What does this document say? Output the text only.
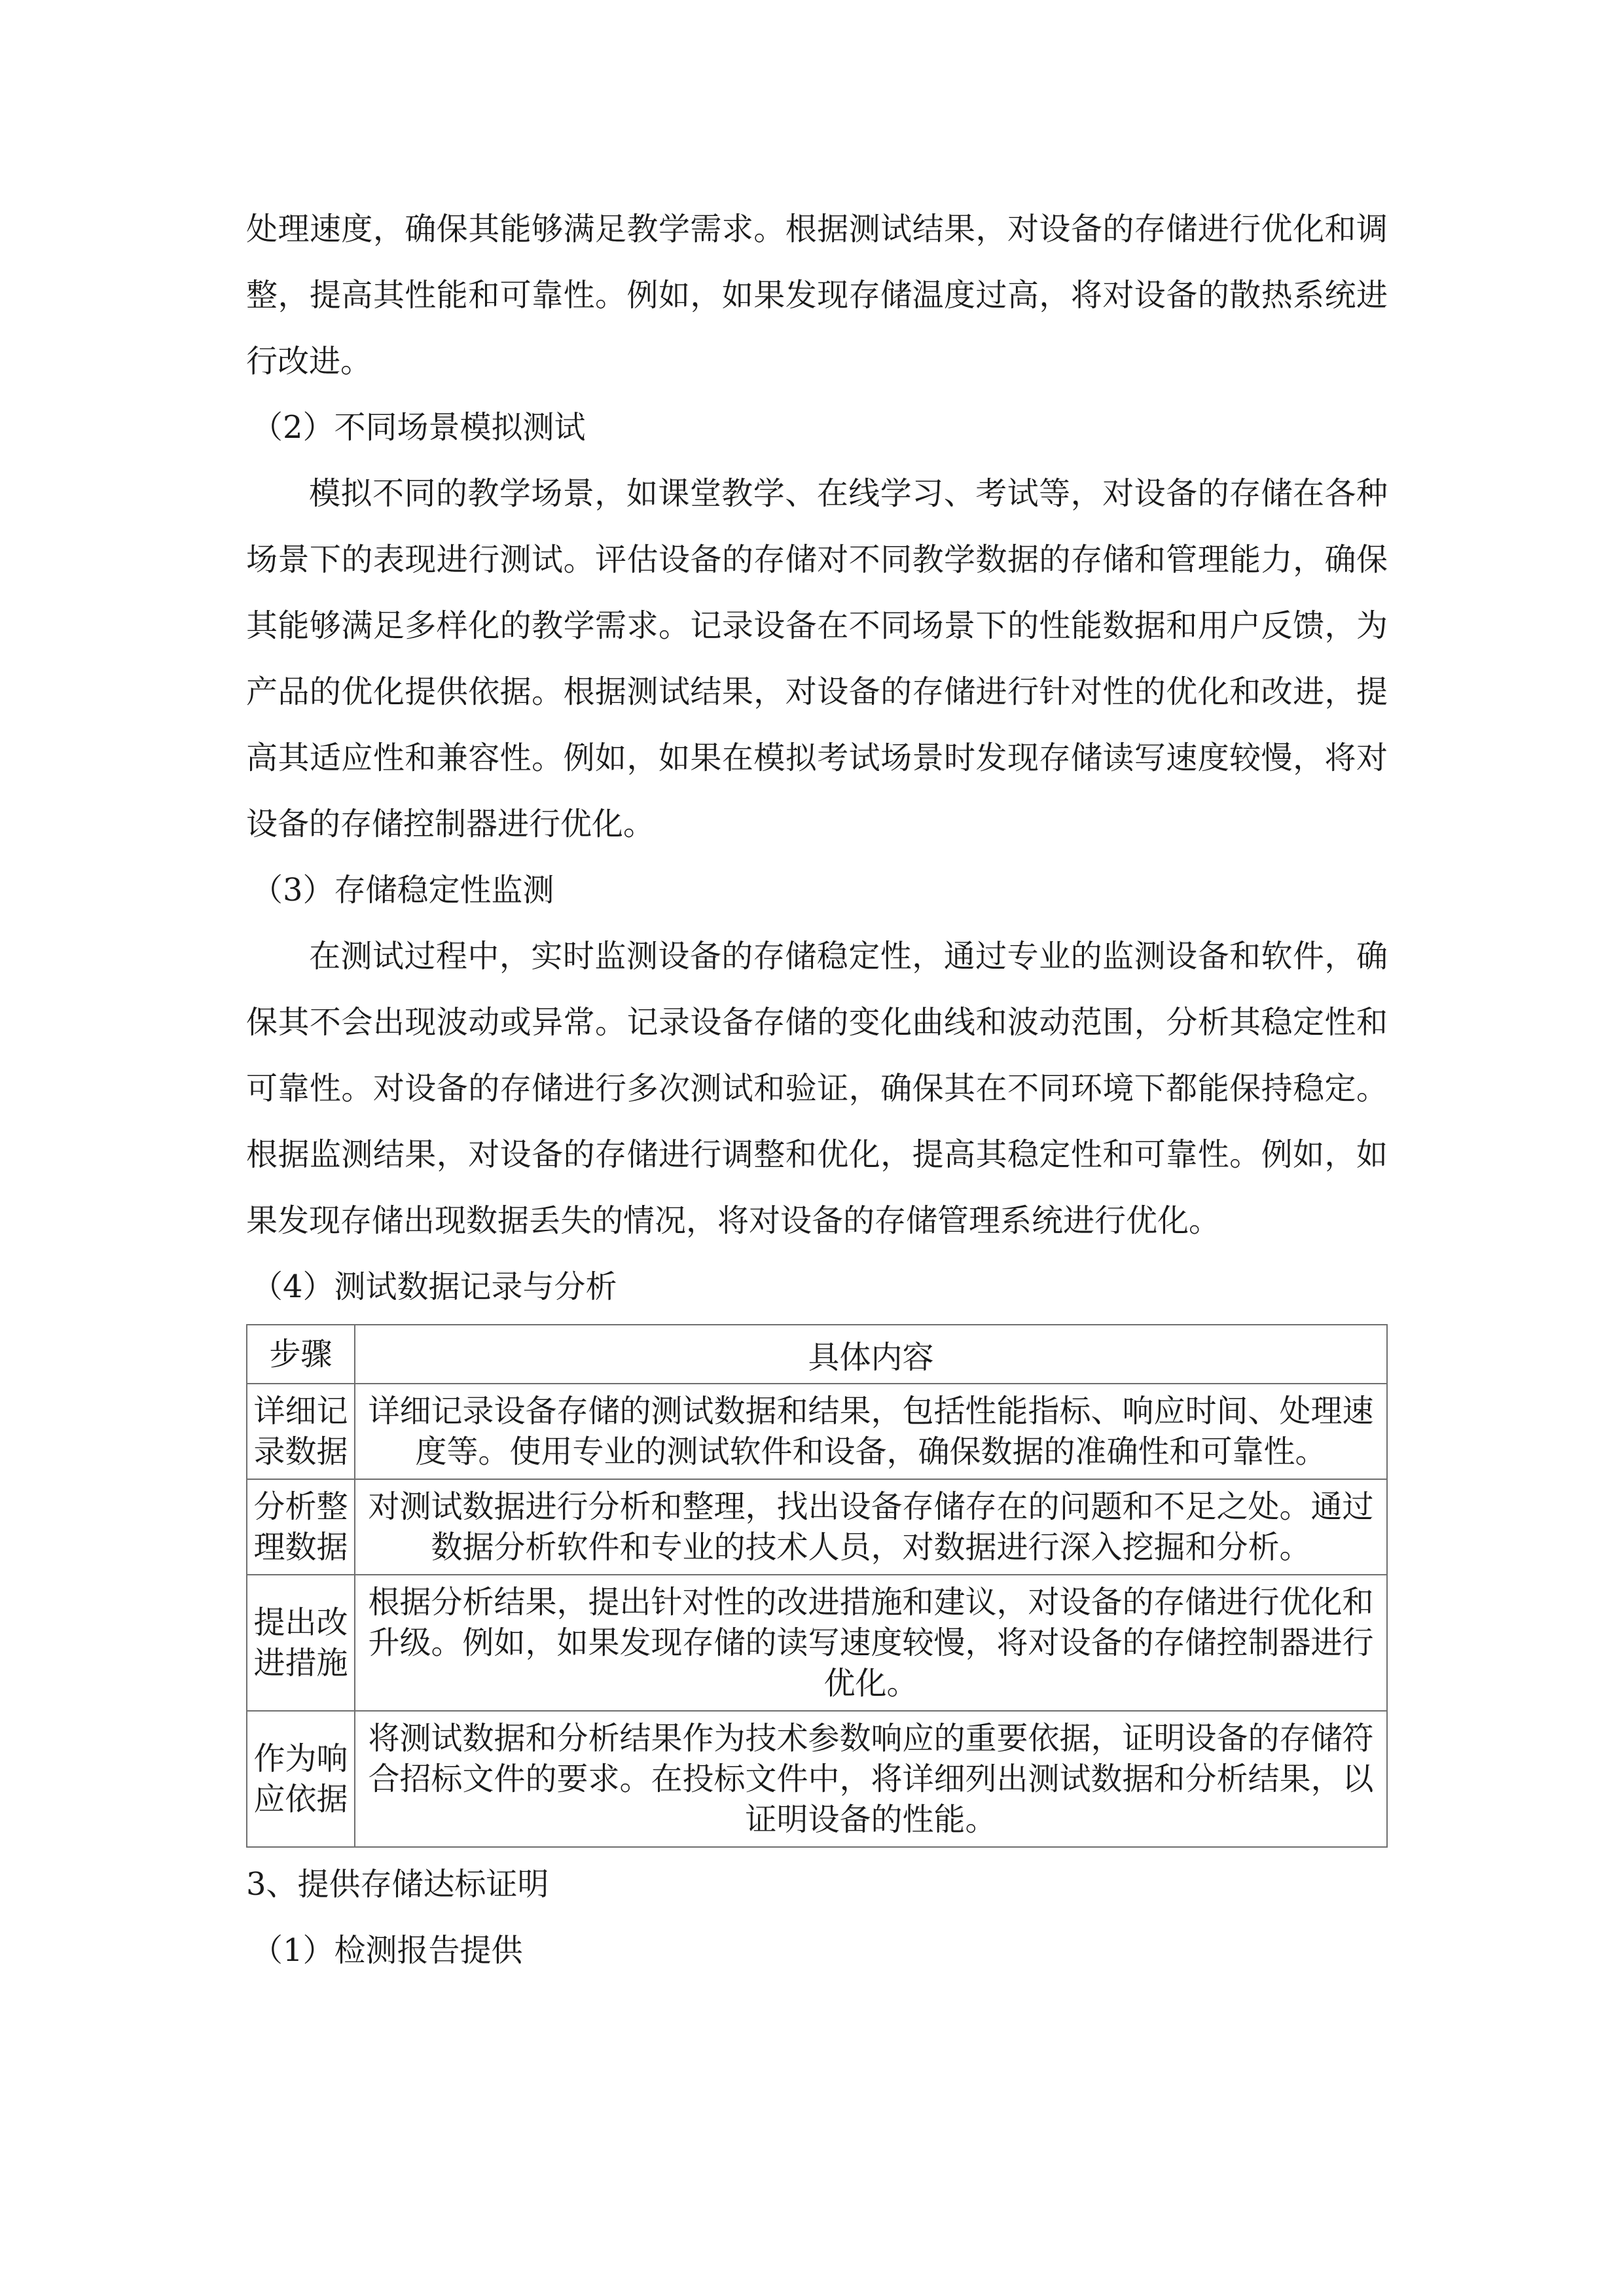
处理速度，确保其能够满足教学需求。根据测试结果，对设备的存储进行优化和调整，提高其性能和可靠性。例如，如果发现存储温度过高，将对设备的散热系统进行改进。

（2）不同场景模拟测试

模拟不同的教学场景，如课堂教学、在线学习、考试等，对设备的存储在各种场景下的表现进行测试。评估设备的存储对不同教学数据的存储和管理能力，确保其能够满足多样化的教学需求。记录设备在不同场景下的性能数据和用户反馈，为产品的优化提供依据。根据测试结果，对设备的存储进行针对性的优化和改进，提高其适应性和兼容性。例如，如果在模拟考试场景时发现存储读写速度较慢，将对设备的存储控制器进行优化。

（3）存储稳定性监测

在测试过程中，实时监测设备的存储稳定性，通过专业的监测设备和软件，确保其不会出现波动或异常。记录设备存储的变化曲线和波动范围，分析其稳定性和可靠性。对设备的存储进行多次测试和验证，确保其在不同环境下都能保持稳定。根据监测结果，对设备的存储进行调整和优化，提高其稳定性和可靠性。例如，如果发现存储出现数据丢失的情况，将对设备的存储管理系统进行优化。

（4）测试数据记录与分析

步骤	具体内容
详细记录数据	详细记录设备存储的测试数据和结果，包括性能指标、响应时间、处理速度等。使用专业的测试软件和设备，确保数据的准确性和可靠性。
分析整理数据	对测试数据进行分析和整理，找出设备存储存在的问题和不足之处。通过数据分析软件和专业的技术人员，对数据进行深入挖掘和分析。
提出改进措施	根据分析结果，提出针对性的改进措施和建议，对设备的存储进行优化和升级。例如，如果发现存储的读写速度较慢，将对设备的存储控制器进行优化。
作为响应依据	将测试数据和分析结果作为技术参数响应的重要依据，证明设备的存储符合招标文件的要求。在投标文件中，将详细列出测试数据和分析结果，以证明设备的性能。

3、提供存储达标证明

（1）检测报告提供
